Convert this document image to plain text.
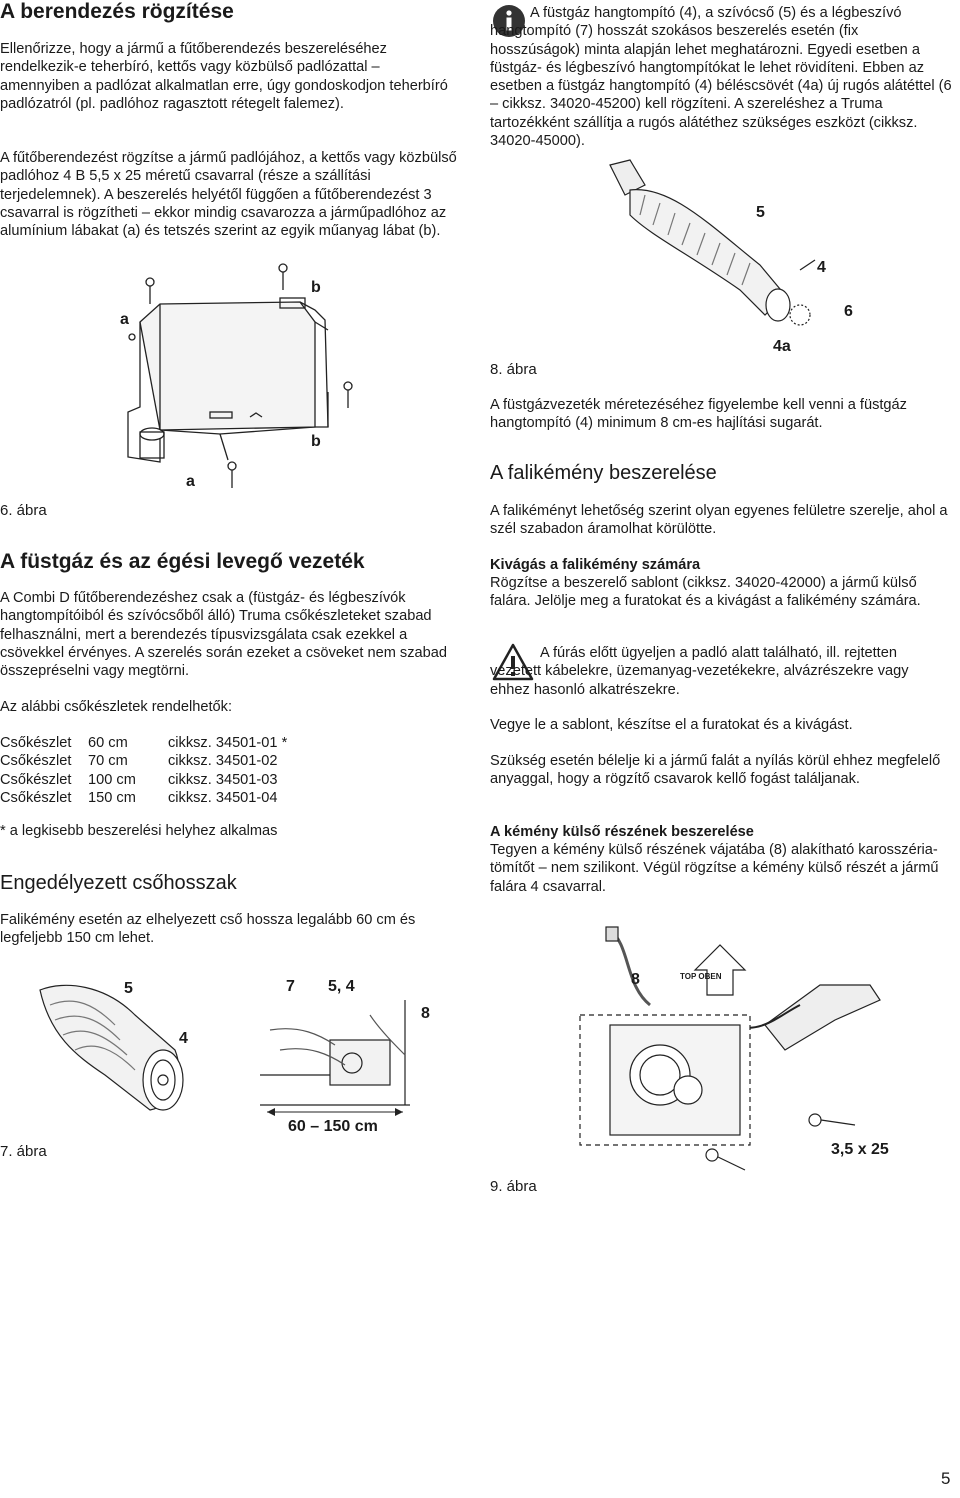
A berendezés rögzítése

Ellenőrizze, hogy a jármű a fűtőberendezés beszereléséhez rendelkezik-e teherbíró, kettős vagy közbülső padlózattal – amennyiben a padlózat alkalmatlan erre, úgy gondoskodjon teherbíró padlózatról (pl. padlóhoz ragasztott rétegelt falemez).

A fűtőberendezést rögzítse a jármű padlójához, a kettős vagy közbülső padlóhoz 4 B 5,5 x 25 méretű csavarral (része a szállítási terjedelemnek). A beszerelés helyétől függően a fűtőberendezést 3 csavarral is rögzítheti – ekkor mindig csavarozza a járműpadlóhoz az alumínium lábakat (a) és tetszés szerint az egyik műanyag lábat (b).

a
b
b
a
6. ábra
A füstgáz és az égési levegő vezeték

A Combi D fűtőberendezéshez csak a (füstgáz- és légbeszívók hangtompítóiból és szívócsőből álló) Truma csőkészleteket szabad felhasználni, mert a berendezés típusvizsgálata csak ezekkel a csövekkel érvényes. A szerelés során ezeket a csöveket nem szabad összepréselni vagy megtörni.

Az alábbi csőkészletek rendelhetők:

Csőkészlet	60 cm	cikksz. 34501-01 *
Csőkészlet	70 cm	cikksz. 34501-02
Csőkészlet	100 cm	cikksz. 34501-03
Csőkészlet	150 cm	cikksz. 34501-04

* a legkisebb beszerelési helyhez alkalmas

Engedélyezett csőhosszak

Falikémény esetén az elhelyezett cső hossza legalább 60 cm és legfeljebb 150 cm lehet.

5
4
7 5, 4
8
60 – 150 cm
7. ábra

A füstgáz hangtompító (4), a szívócső (5) és a légbeszívó hangtompító (7) hosszát szokásos beszerelés esetén (fix hosszúságok) minta alapján lehet meghatározni. Egyedi esetben a füstgáz- és légbeszívó hangtompítókat le lehet rövidíteni. Ebben az esetben a füstgáz hangtompító (4) béléscsövét (4a) új rugós alátéttel (6 – cikksz. 34020-45200) kell rögzíteni. A szereléshez a Truma tartozékként szállítja a rugós alátéthez szükséges eszközt (cikksz. 34020-45000).

5
4
6
4a
8. ábra

A füstgázvezeték méretezéséhez figyelembe kell venni a füstgáz hangtompító (4) minimum 8 cm-es hajlítási sugarát.

A falikémény beszerelése

A falikéményt lehetőség szerint olyan egyenes felületre szerelje, ahol a szél szabadon áramolhat körülötte.

Kivágás a falikémény számára

Rögzítse a beszerelő sablont (cikksz. 34020-42000) a jármű külső falára. Jelölje meg a furatokat és a kivágást a falikémény számára.

A fúrás előtt ügyeljen a padló alatt található, ill. rejtetten vezetett kábelekre, üzemanyag-vezetékekre, alvázrészekre vagy ehhez hasonló alkatrészekre.

Vegye le a sablont, készítse el a furatokat és a kivágást.

Szükség esetén bélelje ki a jármű falát a nyílás körül ehhez megfelelő anyaggal, hogy a rögzítő csavarok kellő fogást találjanak.

A kémény külső részének beszerelése

Tegyen a kémény külső részének vájatába (8) alakítható karosszéria-tömítőt – nem szilikont. Végül rögzítse a kémény külső részét a jármű falára 4 csavarral.

8	TOP OBEN
3,5 x 25
9. ábra
5
